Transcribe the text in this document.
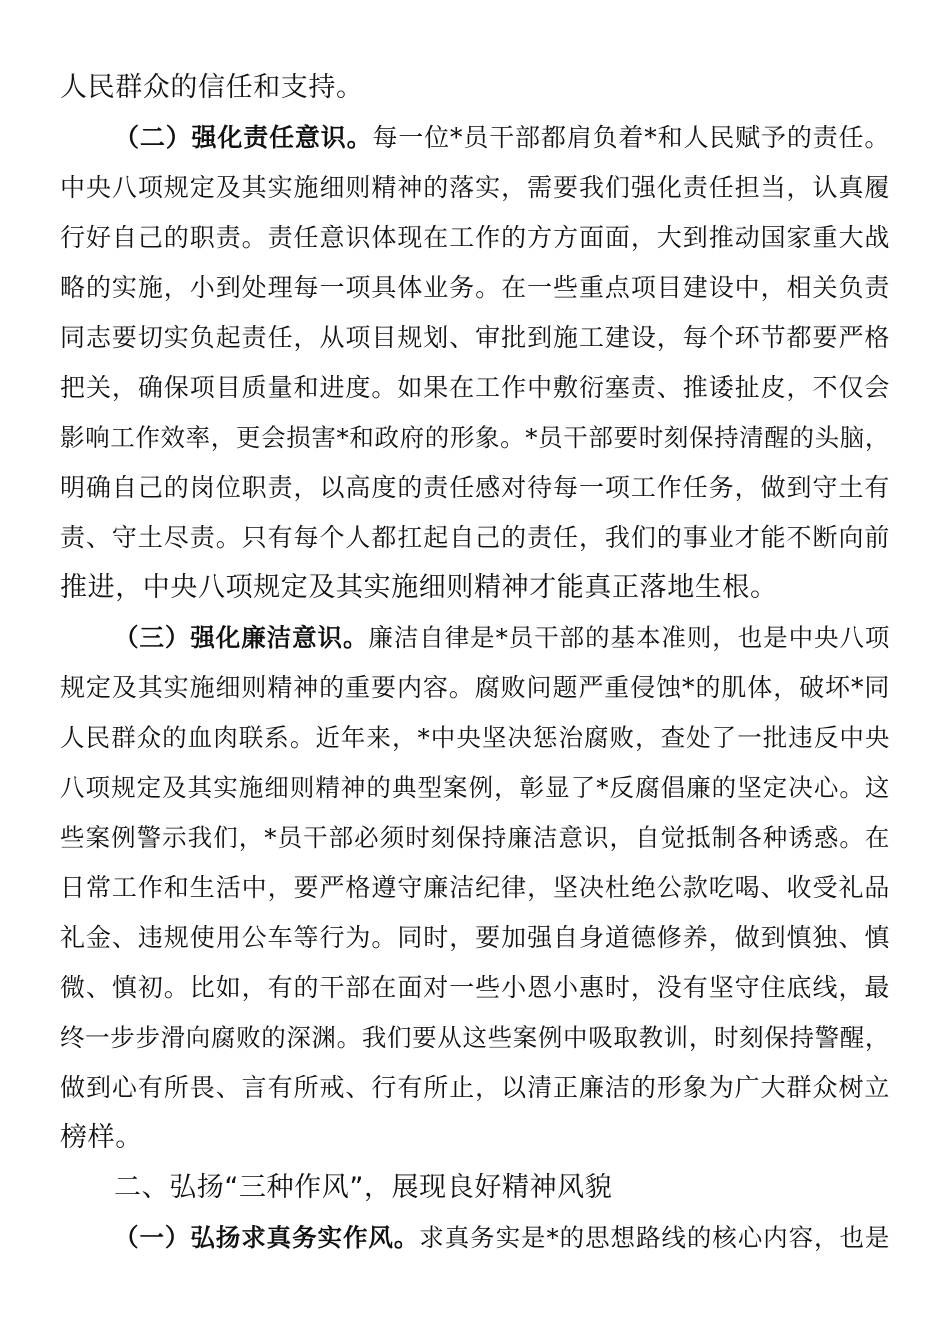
人民群众的信任和支持。
（二）强化责任意识。每一位*员干部都肩负着*和人民赋予的责任。
中央八项规定及其实施细则精神的落实，需要我们强化责任担当，认真履
行好自己的职责。责任意识体现在工作的方方面面，大到推动国家重大战
略的实施，小到处理每一项具体业务。在一些重点项目建设中，相关负责
同志要切实负起责任，从项目规划、审批到施工建设，每个环节都要严格
把关，确保项目质量和进度。如果在工作中敷衍塞责、推诿扯皮，不仅会
影响工作效率，更会损害*和政府的形象。*员干部要时刻保持清醒的头脑，
明确自己的岗位职责，以高度的责任感对待每一项工作任务，做到守土有
责、守土尽责。只有每个人都扛起自己的责任，我们的事业才能不断向前
推进，中央八项规定及其实施细则精神才能真正落地生根。
（三）强化廉洁意识。廉洁自律是*员干部的基本准则，也是中央八项
规定及其实施细则精神的重要内容。腐败问题严重侵蚀*的肌体，破坏*同
人民群众的血肉联系。近年来，*中央坚决惩治腐败，查处了一批违反中央
八项规定及其实施细则精神的典型案例，彰显了*反腐倡廉的坚定决心。这
些案例警示我们，*员干部必须时刻保持廉洁意识，自觉抵制各种诱惑。在
日常工作和生活中，要严格遵守廉洁纪律，坚决杜绝公款吃喝、收受礼品
礼金、违规使用公车等行为。同时，要加强自身道德修养，做到慎独、慎
微、慎初。比如，有的干部在面对一些小恩小惠时，没有坚守住底线，最
终一步步滑向腐败的深渊。我们要从这些案例中吸取教训，时刻保持警醒，
做到心有所畏、言有所戒、行有所止，以清正廉洁的形象为广大群众树立
榜样。
二、弘扬“三种作风”，展现良好精神风貌
（一）弘扬求真务实作风。求真务实是*的思想路线的核心内容，也是
